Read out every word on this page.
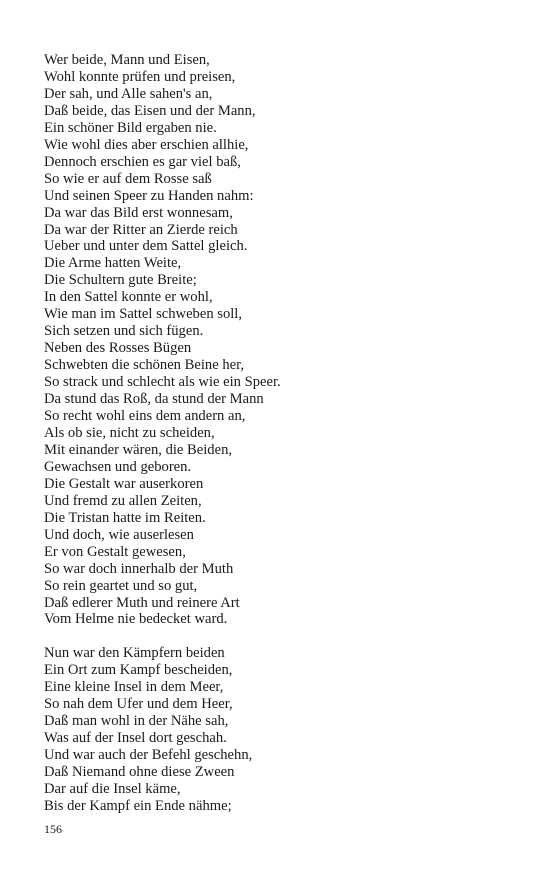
Wer beide, Mann und Eisen,
Wohl konnte prüfen und preisen,
Der sah, und Alle sahen's an,
Daß beide, das Eisen und der Mann,
Ein schöner Bild ergaben nie.
Wie wohl dies aber erschien allhie,
Dennoch erschien es gar viel baß,
So wie er auf dem Rosse saß
Und seinen Speer zu Handen nahm:
Da war das Bild erst wonnesam,
Da war der Ritter an Zierde reich
Ueber und unter dem Sattel gleich.
Die Arme hatten Weite,
Die Schultern gute Breite;
In den Sattel konnte er wohl,
Wie man im Sattel schweben soll,
Sich setzen und sich fügen.
Neben des Rosses Bügen
Schwebten die schönen Beine her,
So strack und schlecht als wie ein Speer.
Da stund das Roß, da stund der Mann
So recht wohl eins dem andern an,
Als ob sie, nicht zu scheiden,
Mit einander wären, die Beiden,
Gewachsen und geboren.
Die Gestalt war auserkoren
Und fremd zu allen Zeiten,
Die Tristan hatte im Reiten.
Und doch, wie auserlesen
Er von Gestalt gewesen,
So war doch innerhalb der Muth
So rein geartet und so gut,
Daß edlerer Muth und reinere Art
Vom Helme nie bedecket ward.
Nun war den Kämpfern beiden
Ein Ort zum Kampf bescheiden,
Eine kleine Insel in dem Meer,
So nah dem Ufer und dem Heer,
Daß man wohl in der Nähe sah,
Was auf der Insel dort geschah.
Und war auch der Befehl geschehn,
Daß Niemand ohne diese Zween
Dar auf die Insel käme,
Bis der Kampf ein Ende nähme;
156
